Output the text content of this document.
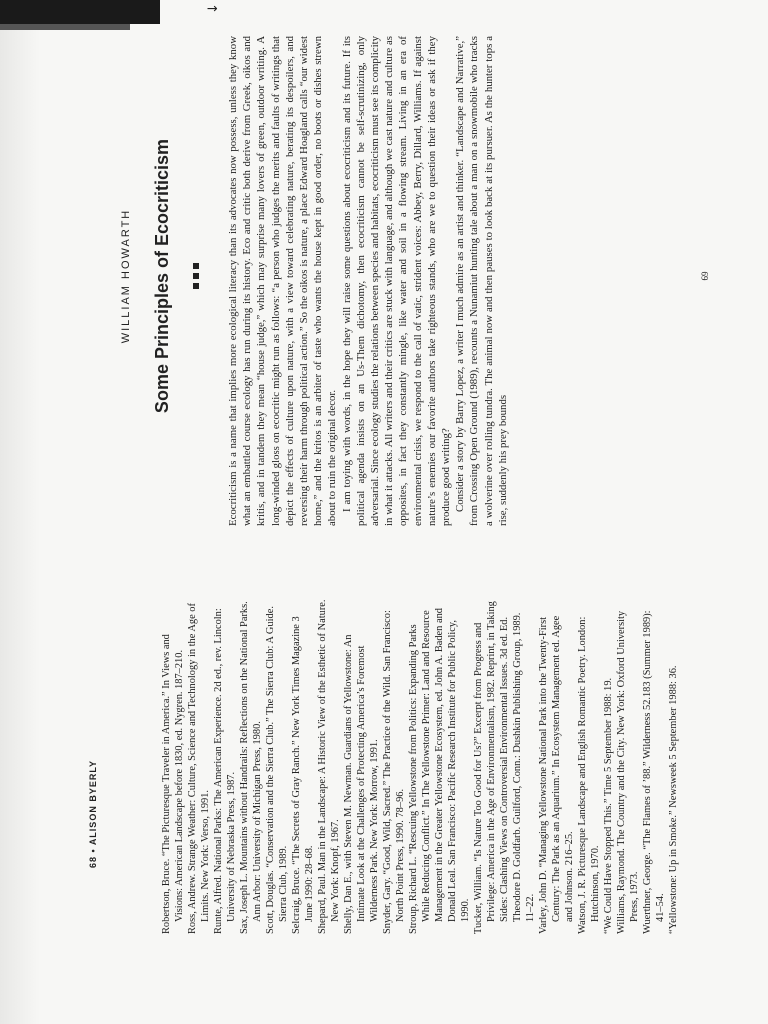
68 • ALISON BYERLY	Robertson, Bruce. “The Picturesque Traveler in America.” In Views and Visions: American Landscape before 1830, ed. Nygren. 187–210. Ross, Andrew. Strange Weather: Culture, Science and Technology in the Age of Limits. New York: Verso, 1991. Runte, Alfred. National Parks: The American Experience. 2d ed., rev. Lincoln: University of Nebraska Press, 1987. Sax, Joseph L. Mountains without Handrails: Reflections on the National Parks. Ann Arbor: University of Michigan Press, 1980. Scott, Douglas. “Conservation and the Sierra Club.” The Sierra Club: A Guide. Sierra Club, 1989. Selcraig, Bruce. “The Secrets of Gray Ranch.” New York Times Magazine 3 June 1990: 28–68. Shepard, Paul. Man in the Landscape: A Historic View of the Esthetic of Nature. New York: Knopf, 1967. Shelly, Dan E., with Steven M. Newman. Guardians of Yellowstone: An Intimate Look at the Challenges of Protecting America’s Foremost Wilderness Park. New York: Morrow, 1991. Snyder, Gary. “Good, Wild, Sacred.” The Practice of the Wild. San Francisco: North Point Press, 1990. 78–96. Stroup, Richard L. “Rescuing Yellowstone from Politics: Expanding Parks While Reducing Conflict.” In The Yellowstone Primer: Land and Resource Management in the Greater Yellowstone Ecosystem, ed. John A. Baden and Donald Leal. San Francisco: Pacific Research Institute for Public Policy, 1990. Tucker, William. “Is Nature Too Good for Us?” Excerpt from Progress and Privilege: America in the Age of Environmentalism, 1982. Reprint, in Taking Sides: Clashing Views on Controversial Environmental Issues. 3d ed. Ed. Theodore D. Goldfarb. Guilford, Conn.: Dushkin Publishing Group, 1989. 11–22. Varley, John D. “Managing Yellowstone National Park into the Twenty-First Century: The Park as an Aquarium.” In Ecosystem Management ed. Agee and Johnson. 216–25. Watson, J. R. Picturesque Landscape and English Romantic Poetry. London: Hutchinson, 1970. “We Could Have Stopped This.” Time 5 September 1988: 19. Williams, Raymond. The Country and the City. New York: Oxford University Press, 1973. Wuerthner, George. “The Flames of ’88.” Wilderness 52.183 (Summer 1989): 41–54. “Yellowstone: Up in Smoke.” Newsweek 5 September 1988: 36.

WILLIAM HOWARTH Some Principles of Ecocriticism
↓

Ecocriticism is a name that implies more ecological literacy than its advocates now possess, unless they know what an embattled course ecology has run during its history. Eco and critic both derive from Greek, oikos and kritis, and in tandem they mean “house judge,” which may surprise many lovers of green, outdoor writing. A long-winded gloss on ecocritic might run as follows: “a person who judges the merits and faults of writings that depict the effects of culture upon nature, with a view toward celebrating nature, berating its despoilers, and reversing their harm through political action.” So the oikos is nature, a place Edward Hoagland calls “our widest home,” and the kritos is an arbiter of taste who wants the house kept in good order, no boots or dishes strewn about to ruin the original decor. I am toying with words, in the hope they will raise some questions about ecocriticism and its future. If its political agenda insists on an Us-Them dichotomy, then ecocriticism cannot be self-scrutinizing, only adversarial. Since ecology studies the relations between species and habitats, ecocriticism must see its complicity in what it attacks. All writers and their critics are stuck with language, and although we cast nature and culture as opposites, in fact they constantly mingle, like water and soil in a flowing stream. Living in an era of environmental crisis, we respond to the call of vatic, strident voices: Abbey, Berry, Dillard, Williams. If against nature’s enemies our favorite authors take righteous stands, who are we to question their ideas or ask if they produce good writing? Consider a story by Barry Lopez, a writer I much admire as an artist and thinker. “Landscape and Narrative,” from Crossing Open Ground (1989), recounts a Nunamiut hunting tale about a man on a snowmobile who tracks a wolverine over rolling tundra. The animal now and then pauses to look back at its pursuer. As the hunter tops a rise, suddenly his prey bounds

69
